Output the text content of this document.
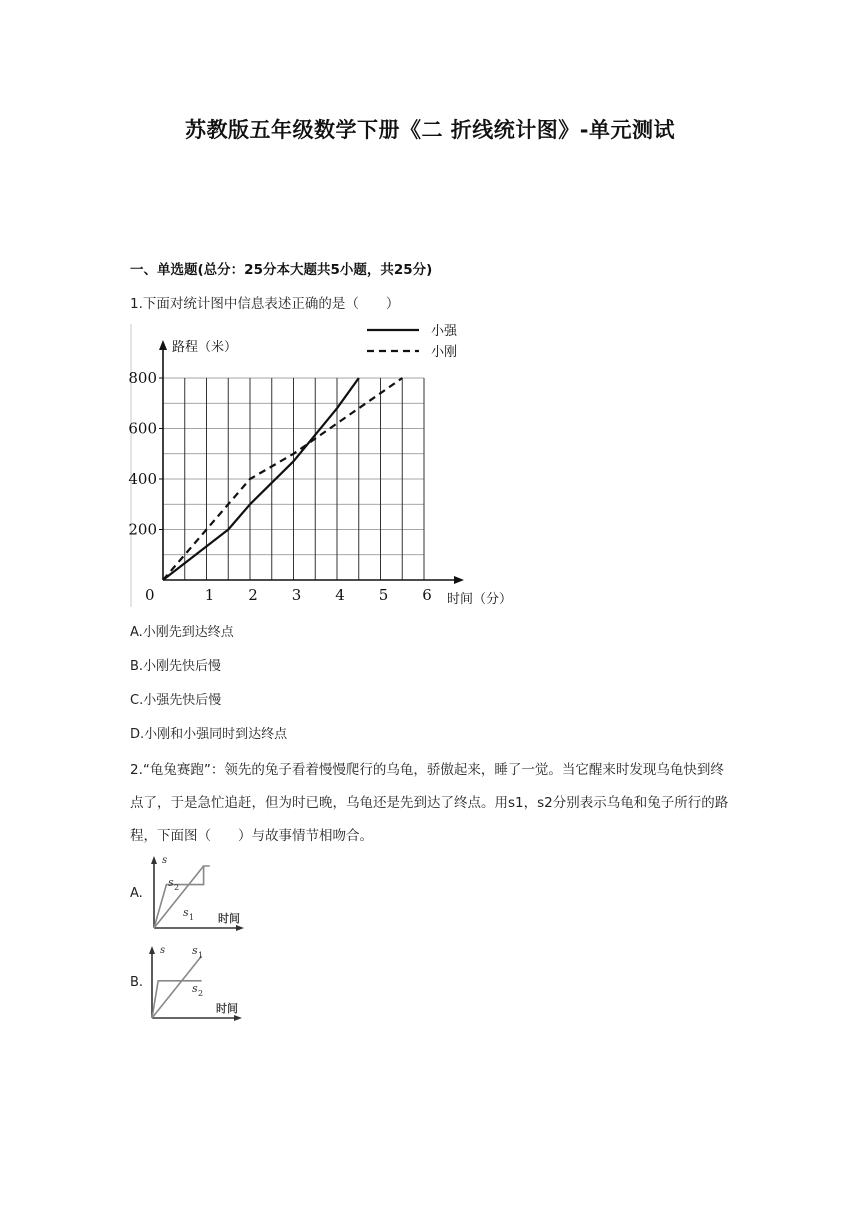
苏教版五年级数学下册《二 折线统计图》-单元测试
一、单选题(总分：25分本大题共5小题，共25分)
1.下面对统计图中信息表述正确的是（　　）
200
400
600
800
1 2 3 4 5 6
小强
小刚
路程（米）
时间（分）
0
A.小刚先到达终点
B.小刚先快后慢
C.小强先快后慢
D.小刚和小强同时到达终点
2.“龟兔赛跑”：领先的兔子看着慢慢爬行的乌龟，骄傲起来，睡了一觉。当它醒来时发现乌龟快到终点了，于是急忙追赶，但为时已晚，乌龟还是先到达了终点。用s1，s2分别表示乌龟和兔子所行的路程，下面图（　　）与故事情节相吻合。
A.
s
时间
s 1
s 2
B.
s
时间
s 1
s 2
